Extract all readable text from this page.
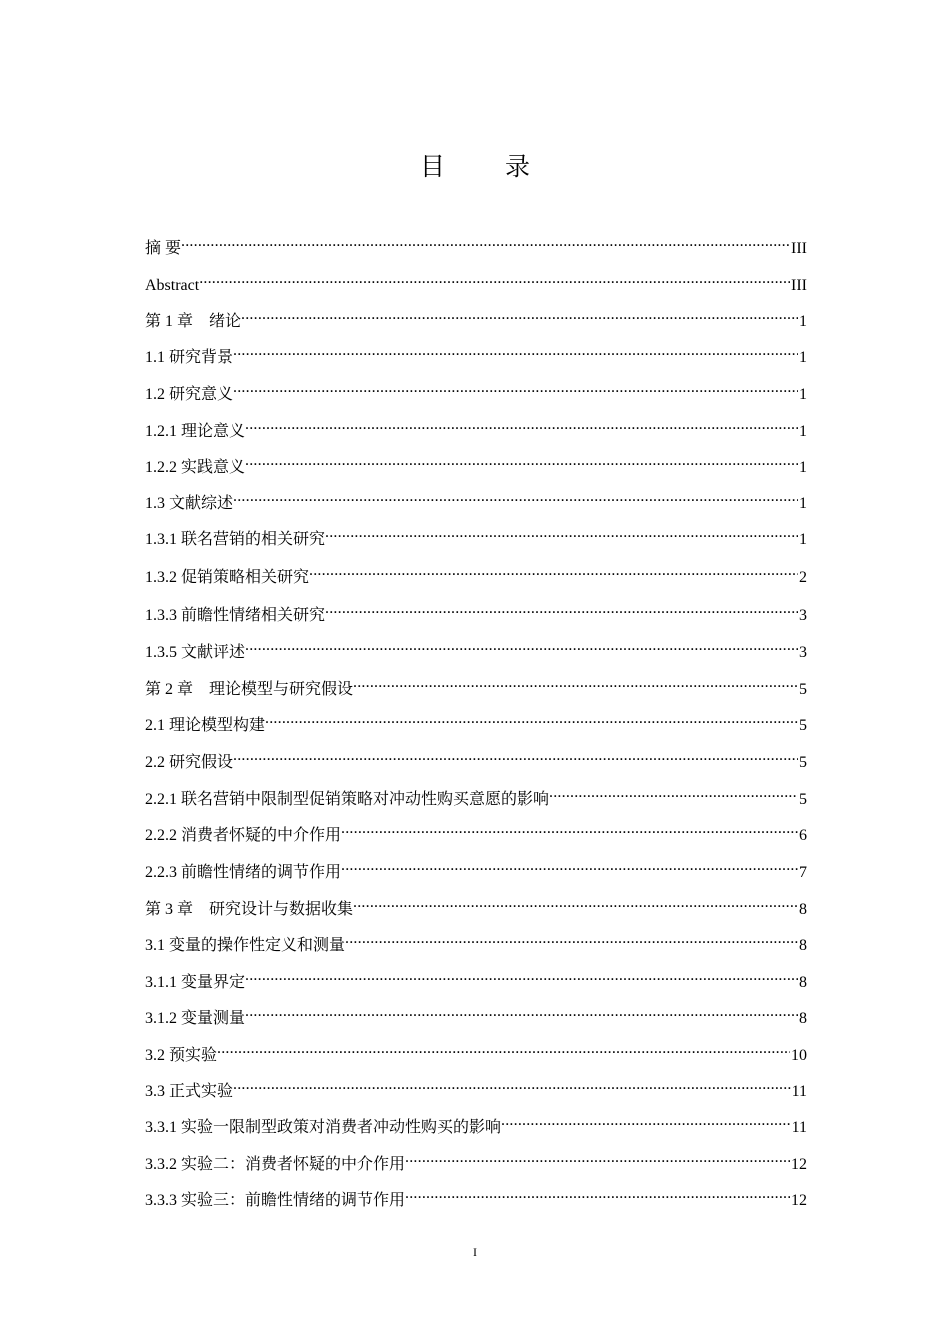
目 录
摘 要 .....	III
Abstract .....	III
第 1 章　绪论 .....	1
1.1 研究背景 .....	1
1.2 研究意义 .....	1
1.2.1 理论意义 .....	1
1.2.2 实践意义 .....	1
1.3 文献综述 .....	1
1.3.1 联名营销的相关研究 .....	1
1.3.2 促销策略相关研究 .....	2
1.3.3 前瞻性情绪相关研究 .....	3
1.3.5 文献评述 .....	3
第 2 章　理论模型与研究假设 .....	5
2.1 理论模型构建 .....	5
2.2 研究假设 .....	5
2.2.1 联名营销中限制型促销策略对冲动性购买意愿的影响 .....	5
2.2.2 消费者怀疑的中介作用 .....	6
2.2.3 前瞻性情绪的调节作用 .....	7
第 3 章　研究设计与数据收集 .....	8
3.1 变量的操作性定义和测量 .....	8
3.1.1 变量界定 .....	8
3.1.2 变量测量 .....	8
3.2 预实验 .....	10
3.3 正式实验 .....	11
3.3.1 实验一限制型政策对消费者冲动性购买的影响 .....	11
3.3.2 实验二：消费者怀疑的中介作用 .....	12
3.3.3 实验三：前瞻性情绪的调节作用 .....	12
I
